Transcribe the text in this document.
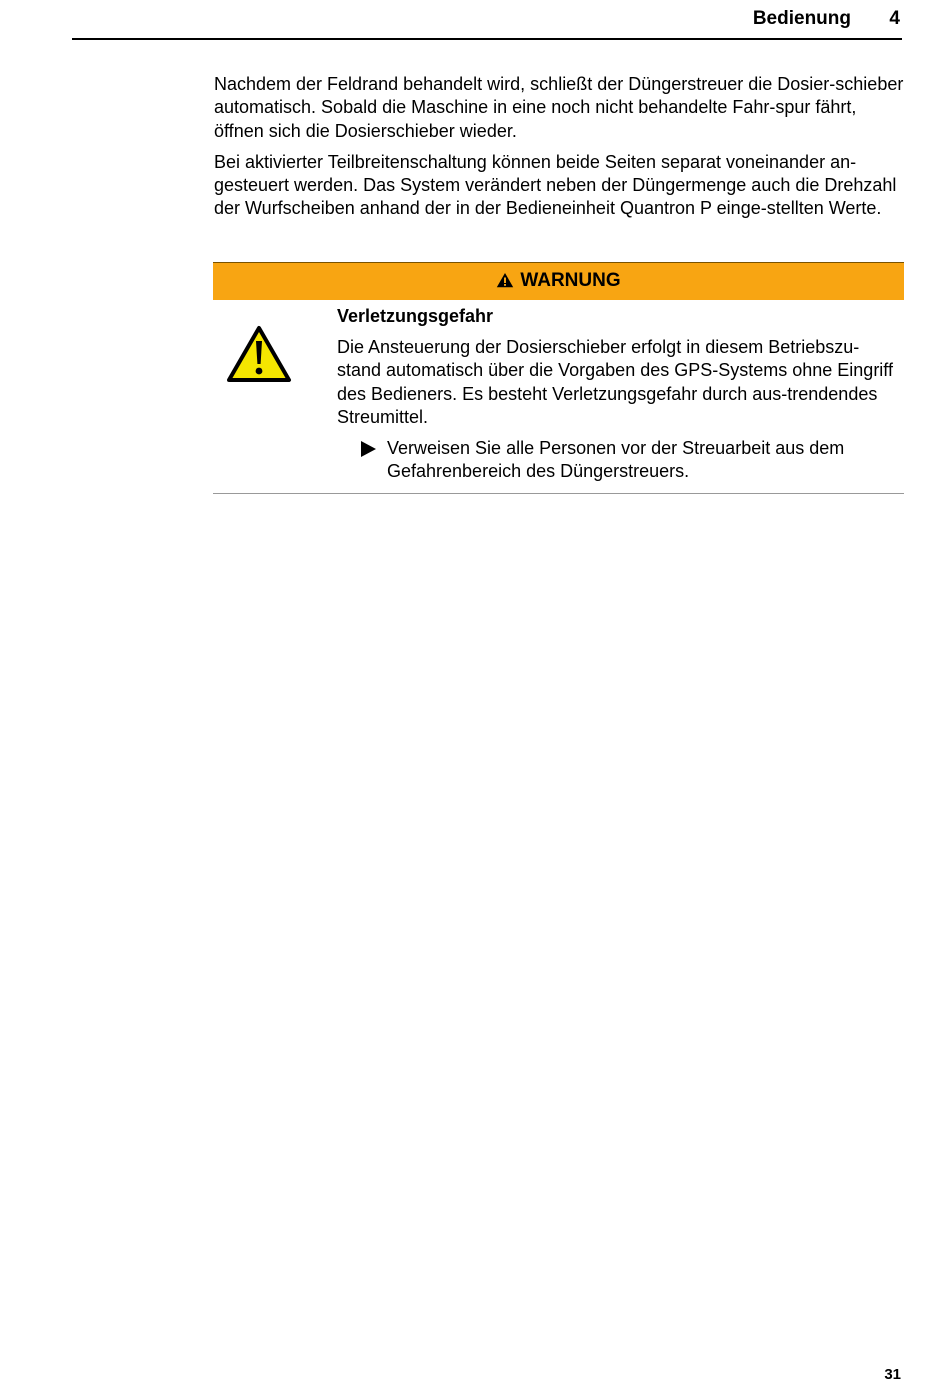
Bedienung 4

Nachdem der Feldrand behandelt wird, schließt der Düngerstreuer die Dosier-schieber automatisch. Sobald die Maschine in eine noch nicht behandelte Fahr-spur fährt, öffnen sich die Dosierschieber wieder.

Bei aktivierter Teilbreitenschaltung können beide Seiten separat voneinander an-gesteuert werden. Das System verändert neben der Düngermenge auch die Drehzahl der Wurfscheiben anhand der in der Bedieneinheit Quantron P einge-stellten Werte.

WARNUNG
Verletzungsgefahr

Die Ansteuerung der Dosierschieber erfolgt in diesem Betriebszu-stand automatisch über die Vorgaben des GPS-Systems ohne Eingriff des Bedieners. Es besteht Verletzungsgefahr durch aus-trendendes Streumittel.

Verweisen Sie alle Personen vor der Streuarbeit aus dem Gefahrenbereich des Düngerstreuers.
31
